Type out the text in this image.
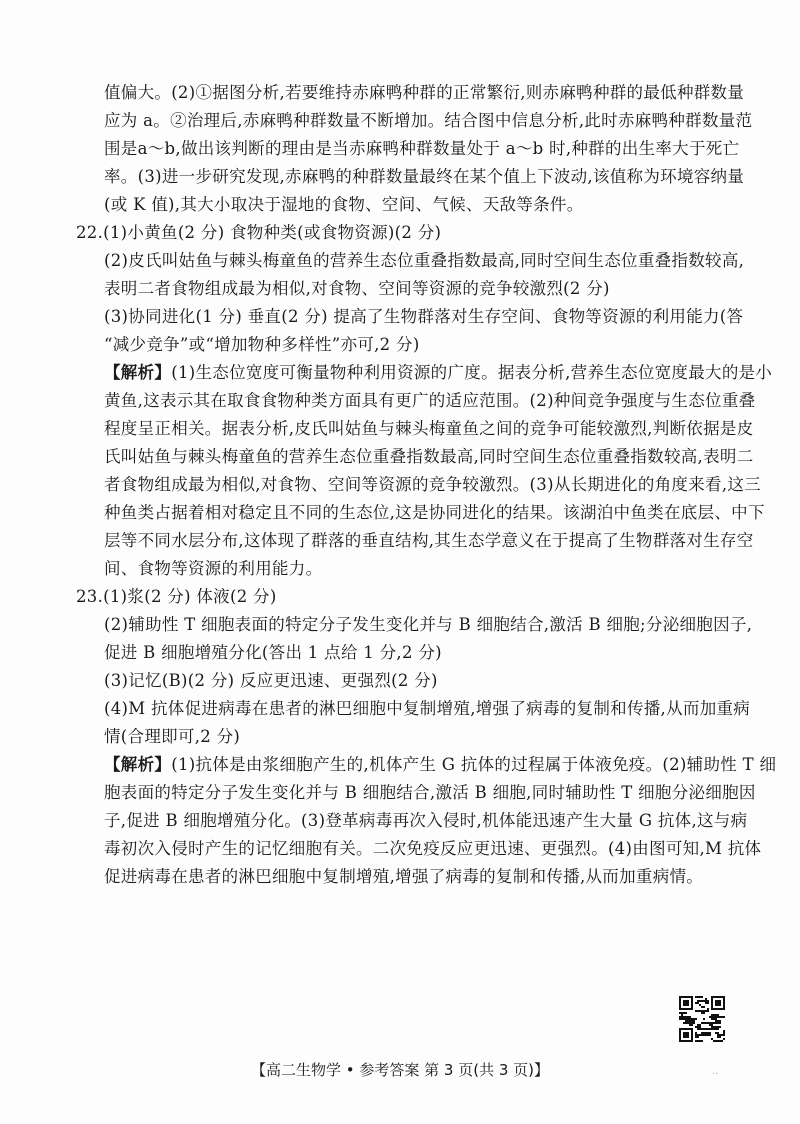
值偏大。(2)①据图分析,若要维持赤麻鸭种群的正常繁衍,则赤麻鸭种群的最低种群数量
应为 a。②治理后,赤麻鸭种群数量不断增加。结合图中信息分析,此时赤麻鸭种群数量范
围是a～b,做出该判断的理由是当赤麻鸭种群数量处于 a～b 时,种群的出生率大于死亡
率。(3)进一步研究发现,赤麻鸭的种群数量最终在某个值上下波动,该值称为环境容纳量
(或 K 值),其大小取决于湿地的食物、空间、气候、天敌等条件。
22.(1)小黄鱼(2 分) 食物种类(或食物资源)(2 分)
(2)皮氏叫姑鱼与棘头梅童鱼的营养生态位重叠指数最高,同时空间生态位重叠指数较高,
表明二者食物组成最为相似,对食物、空间等资源的竞争较激烈(2 分)
(3)协同进化(1 分) 垂直(2 分) 提高了生物群落对生存空间、食物等资源的利用能力(答
“减少竞争”或“增加物种多样性”亦可,2 分)
【解析】(1)生态位宽度可衡量物种利用资源的广度。据表分析,营养生态位宽度最大的是小
黄鱼,这表示其在取食食物种类方面具有更广的适应范围。(2)种间竞争强度与生态位重叠
程度呈正相关。据表分析,皮氏叫姑鱼与棘头梅童鱼之间的竞争可能较激烈,判断依据是皮
氏叫姑鱼与棘头梅童鱼的营养生态位重叠指数最高,同时空间生态位重叠指数较高,表明二
者食物组成最为相似,对食物、空间等资源的竞争较激烈。(3)从长期进化的角度来看,这三
种鱼类占据着相对稳定且不同的生态位,这是协同进化的结果。该湖泊中鱼类在底层、中下
层等不同水层分布,这体现了群落的垂直结构,其生态学意义在于提高了生物群落对生存空
间、食物等资源的利用能力。
23.(1)浆(2 分) 体液(2 分)
(2)辅助性 T 细胞表面的特定分子发生变化并与 B 细胞结合,激活 B 细胞;分泌细胞因子,
促进 B 细胞增殖分化(答出 1 点给 1 分,2 分)
(3)记忆(B)(2 分) 反应更迅速、更强烈(2 分)
(4)M 抗体促进病毒在患者的淋巴细胞中复制增殖,增强了病毒的复制和传播,从而加重病
情(合理即可,2 分)
【解析】(1)抗体是由浆细胞产生的,机体产生 G 抗体的过程属于体液免疫。(2)辅助性 T 细
胞表面的特定分子发生变化并与 B 细胞结合,激活 B 细胞,同时辅助性 T 细胞分泌细胞因
子,促进 B 细胞增殖分化。(3)登革病毒再次入侵时,机体能迅速产生大量 G 抗体,这与病
毒初次入侵时产生的记忆细胞有关。二次免疫反应更迅速、更强烈。(4)由图可知,M 抗体
促进病毒在患者的淋巴细胞中复制增殖,增强了病毒的复制和传播,从而加重病情。
【高二生物学 • 参考答案 第 3 页(共 3 页)】	..
